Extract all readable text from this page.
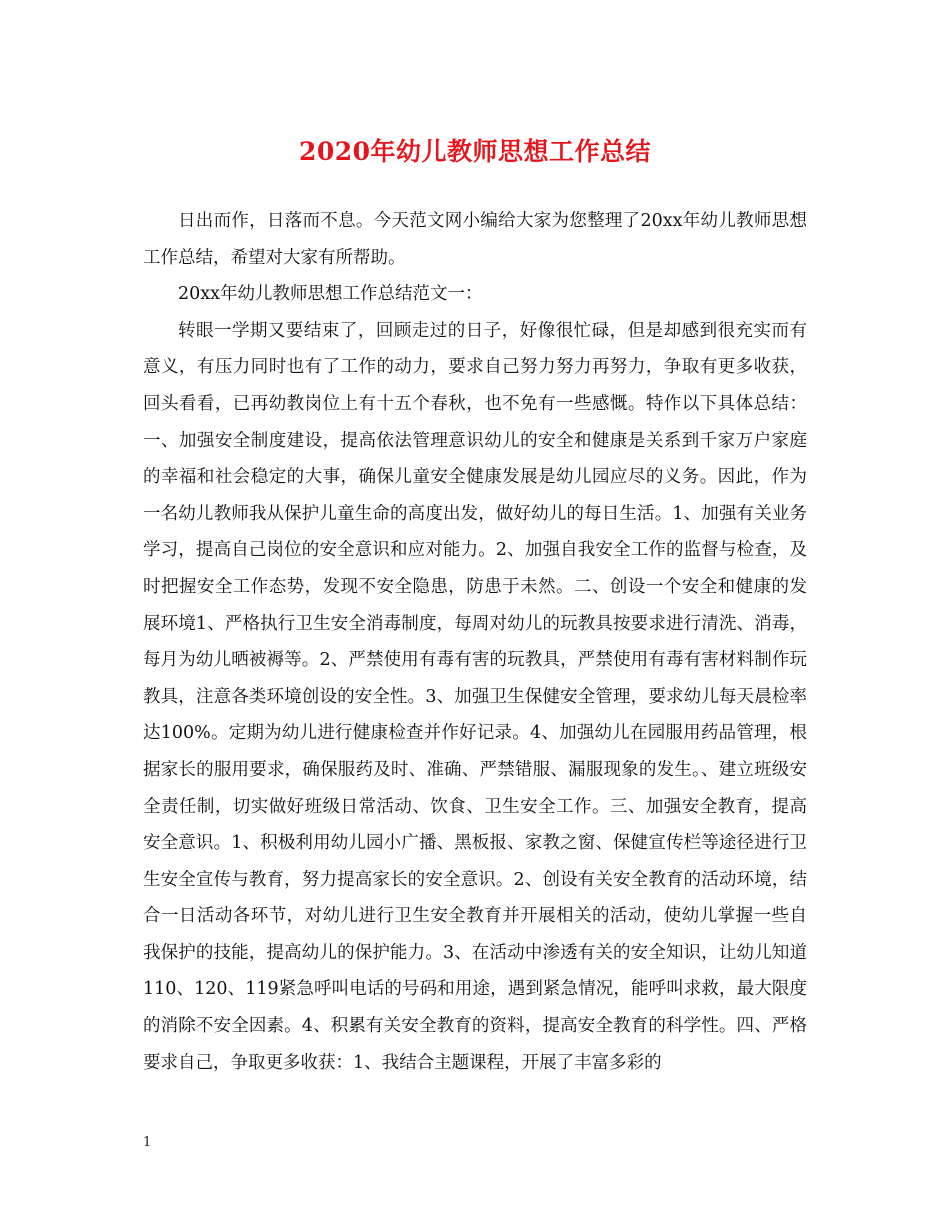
2020年幼儿教师思想工作总结

日出而作，日落而不息。今天范文网小编给大家为您整理了20xx年幼儿教师思想工作总结，希望对大家有所帮助。

20xx年幼儿教师思想工作总结范文一：

转眼一学期又要结束了，回顾走过的日子，好像很忙碌，但是却感到很充实而有意义，有压力同时也有了工作的动力，要求自己努力努力再努力，争取有更多收获，回头看看，已再幼教岗位上有十五个春秋，也不免有一些感慨。特作以下具体总结：一、加强安全制度建设，提高依法管理意识幼儿的安全和健康是关系到千家万户家庭的幸福和社会稳定的大事，确保儿童安全健康发展是幼儿园应尽的义务。因此，作为一名幼儿教师我从保护儿童生命的高度出发，做好幼儿的每日生活。1、加强有关业务学习，提高自己岗位的安全意识和应对能力。2、加强自我安全工作的监督与检查，及时把握安全工作态势，发现不安全隐患，防患于未然。二、创设一个安全和健康的发展环境1、严格执行卫生安全消毒制度，每周对幼儿的玩教具按要求进行清洗、消毒，每月为幼儿晒被褥等。2、严禁使用有毒有害的玩教具，严禁使用有毒有害材料制作玩教具，注意各类环境创设的安全性。3、加强卫生保健安全管理，要求幼儿每天晨检率达100%。定期为幼儿进行健康检查并作好记录。4、加强幼儿在园服用药品管理，根据家长的服用要求，确保服药及时、准确、严禁错服、漏服现象的发生。、建立班级安全责任制，切实做好班级日常活动、饮食、卫生安全工作。三、加强安全教育，提高安全意识。1、积极利用幼儿园小广播、黑板报、家教之窗、保健宣传栏等途径进行卫生安全宣传与教育，努力提高家长的安全意识。2、创设有关安全教育的活动环境，结合一日活动各环节，对幼儿进行卫生安全教育并开展相关的活动，使幼儿掌握一些自我保护的技能，提高幼儿的保护能力。3、在活动中渗透有关的安全知识，让幼儿知道110、120、119紧急呼叫电话的号码和用途，遇到紧急情况，能呼叫求救，最大限度的消除不安全因素。4、积累有关安全教育的资料，提高安全教育的科学性。四、严格要求自己，争取更多收获：1、我结合主题课程，开展了丰富多彩的

1
